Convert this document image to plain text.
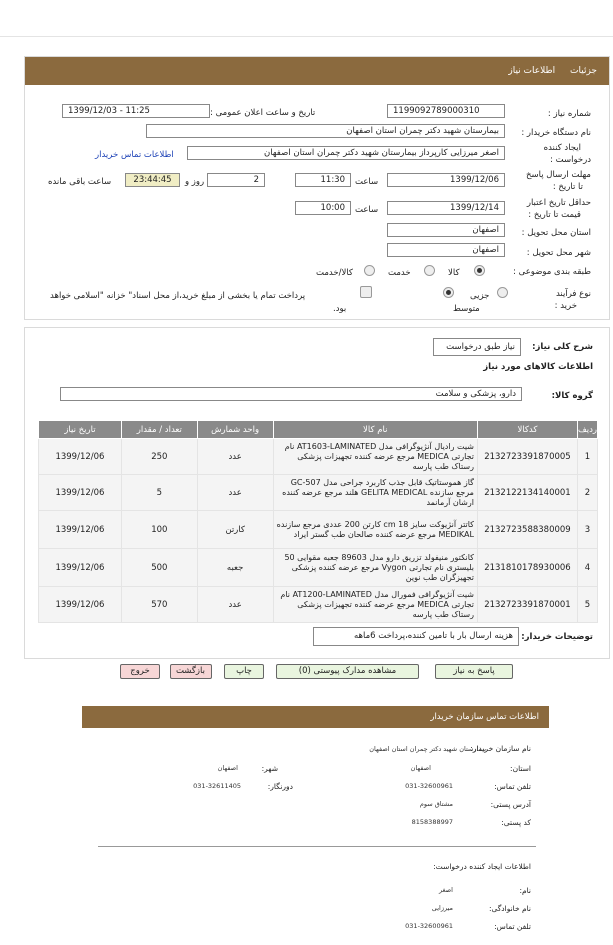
جزئیات اطلاعات نیاز
شماره نیاز :
1199092789000310
تاریخ و ساعت اعلان عمومی :
1399/12/03 - 11:25
نام دستگاه خریدار :
بیمارستان شهید دکتر چمران استان اصفهان
ایجاد کننده
درخواست :
اصغر میرزایی کارپرداز بیمارستان شهید دکتر چمران استان اصفهان
اطلاعات تماس خریدار
مهلت ارسال پاسخ
تا تاریخ :
1399/12/06
ساعت
11:30
2
روز و
23:44:45
ساعت باقی مانده
حداقل تاریخ اعتبار
قیمت تا تاریخ :
1399/12/14
ساعت
10:00
استان محل تحویل :
اصفهان
شهر محل تحویل :
اصفهان
طبقه بندی موضوعی :
کالا
خدمت
کالا/خدمت
نوع فرآیند
خرید :
جزیی
متوسط
پرداخت تمام یا بخشی از مبلغ خرید،از محل اسناد" خزانه "اسلامی خواهد
بود.
شرح کلی نیاز:
نیاز طبق درخواست
اطلاعات کالاهای مورد نیاز
گروه کالا:
دارو، پزشکی و سلامت
ردیف	کدکالا	نام کالا	واحد شمارش	تعداد / مقدار	تاریخ نیاز
1	2132723391870005	شیت رادیال آنژیوگرافی مدل AT1603-LAMINATED نام تجارتی MEDICA مرجع عرضه کننده تجهیزات پزشکی رستاک طب پارسه	عدد	250	1399/12/06
2	2132122134140001	گاز هموستاتیک قابل جذب کاربرد جراحی مدل GC-507 مرجع سازنده GELITA MEDICAL هلند مرجع عرضه کننده ارشان آرمانمد	عدد	5	1399/12/06
3	2132723588380009	کاتتر آنژیوکت سایز 18 cm کارتن 200 عددی مرجع سازنده MEDIKAL مرجع عرضه کننده صالحان طب گستر ایراد	کارتن	100	1399/12/06
4	2131810178930006	کانکتور منیفولد تزریق دارو مدل 89603 جعبه مقوایی 50 بلیستری نام تجارتی Vygon مرجع عرضه کننده پزشکی تجهیزگران طب نوین	جعبه	500	1399/12/06
5	2132723391870001	شیت آنژیوگرافی فمورال مدل AT1200-LAMINATED نام تجارتی MEDICA مرجع عرضه کننده تجهیزات پزشکی رستاک طب پارسه	عدد	570	1399/12/06
توضیحات خریدار:
هزینه ارسال بار با تامین کننده،پرداخت 6ماهه
پاسخ به نیاز
مشاهده مدارک پیوستی (0)
چاپ
بازگشت
خروج
اطلاعات تماس سازمان خریدار
نام سازمان خریدار:
بیمارستان شهید دکتر چمران استان اصفهان
استان:
اصفهان
شهر:
اصفهان
تلفن تماس:
031-32600961
دورنگار:
031-32611405
آدرس پستی:
مشتاق سوم
کد پستی:
8158388997
اطلاعات ایجاد کننده درخواست:
نام:
اصغر
نام خانوادگی:
میرزایی
تلفن تماس:
031-32600961
